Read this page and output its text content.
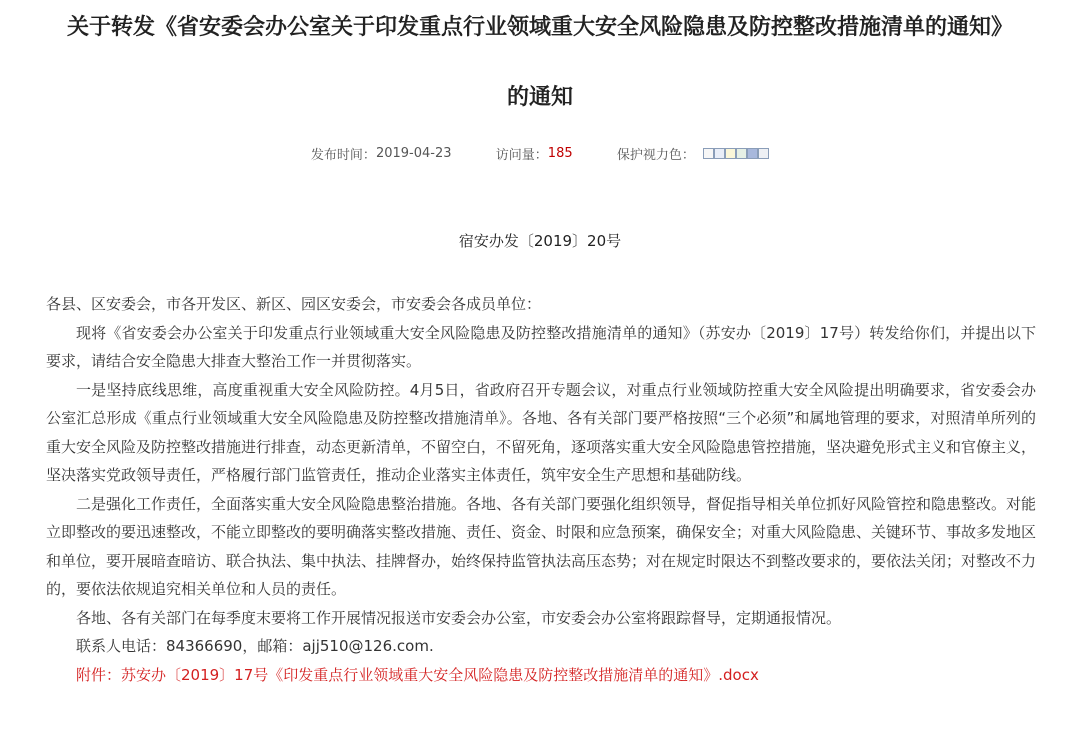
关于转发《省安委会办公室关于印发重点行业领域重大安全风险隐患及防控整改措施清单的通知》
的通知
发布时间：2019-04-23	访问量：185	保护视力色：
宿安办发〔2019〕20号

各县、区安委会，市各开发区、新区、园区安委会，市安委会各成员单位：

现将《省安委会办公室关于印发重点行业领域重大安全风险隐患及防控整改措施清单的通知》（苏安办〔2019〕17号）转发给你们，并提出以下要求，请结合安全隐患大排查大整治工作一并贯彻落实。

一是坚持底线思维，高度重视重大安全风险防控。4月5日，省政府召开专题会议，对重点行业领域防控重大安全风险提出明确要求，省安委会办公室汇总形成《重点行业领域重大安全风险隐患及防控整改措施清单》。各地、各有关部门要严格按照“三个必须”和属地管理的要求，对照清单所列的重大安全风险及防控整改措施进行排查，动态更新清单，不留空白，不留死角，逐项落实重大安全风险隐患管控措施，坚决避免形式主义和官僚主义，坚决落实党政领导责任，严格履行部门监管责任，推动企业落实主体责任，筑牢安全生产思想和基础防线。

二是强化工作责任，全面落实重大安全风险隐患整治措施。各地、各有关部门要强化组织领导，督促指导相关单位抓好风险管控和隐患整改。对能立即整改的要迅速整改，不能立即整改的要明确落实整改措施、责任、资金、时限和应急预案，确保安全；对重大风险隐患、关键环节、事故多发地区和单位，要开展暗查暗访、联合执法、集中执法、挂牌督办，始终保持监管执法高压态势；对在规定时限达不到整改要求的，要依法关闭；对整改不力的，要依法依规追究相关单位和人员的责任。

各地、各有关部门在每季度末要将工作开展情况报送市安委会办公室，市安委会办公室将跟踪督导，定期通报情况。

联系人电话：84366690，邮箱：ajj510@126.com.

附件：苏安办〔2019〕17号《印发重点行业领域重大安全风险隐患及防控整改措施清单的通知》.docx
